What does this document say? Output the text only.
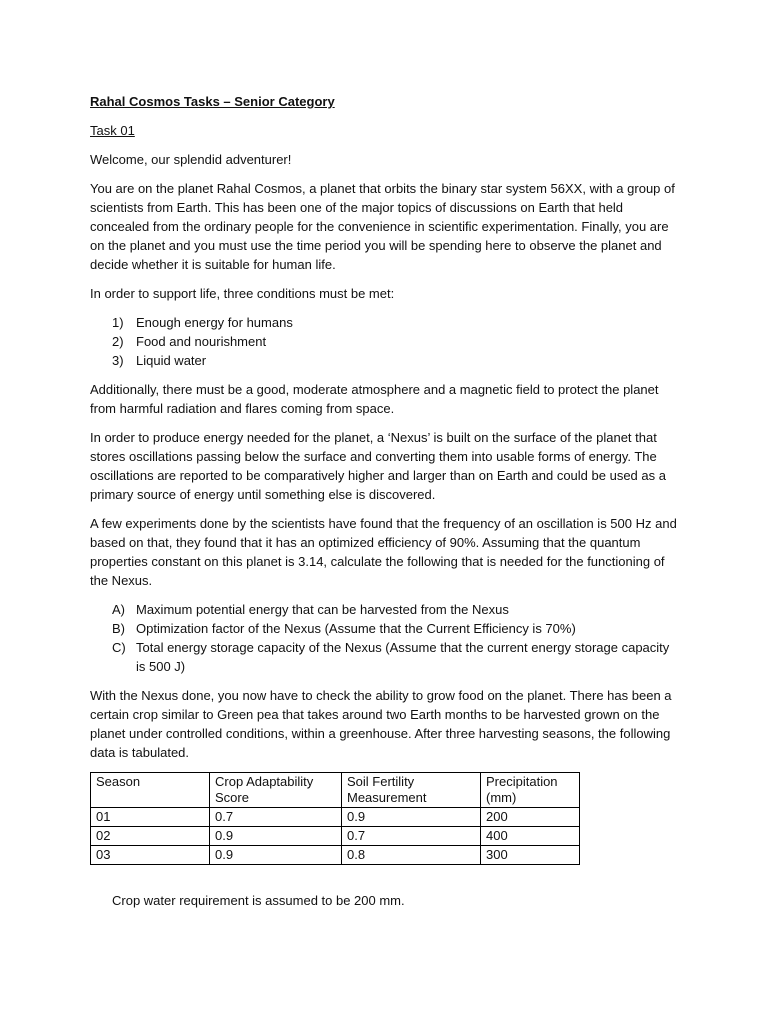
Rahal Cosmos Tasks – Senior Category
Task 01

Welcome, our splendid adventurer!

You are on the planet Rahal Cosmos, a planet that orbits the binary star system 56XX, with a group of scientists from Earth. This has been one of the major topics of discussions on Earth that held concealed from the ordinary people for the convenience in scientific experimentation. Finally, you are on the planet and you must use the time period you will be spending here to observe the planet and decide whether it is suitable for human life.

In order to support life, three conditions must be met:

1) Enough energy for humans
2) Food and nourishment
3) Liquid water

Additionally, there must be a good, moderate atmosphere and a magnetic field to protect the planet from harmful radiation and flares coming from space.

In order to produce energy needed for the planet, a ‘Nexus’ is built on the surface of the planet that stores oscillations passing below the surface and converting them into usable forms of energy. The oscillations are reported to be comparatively higher and larger than on Earth and could be used as a primary source of energy until something else is discovered.

A few experiments done by the scientists have found that the frequency of an oscillation is 500 Hz and based on that, they found that it has an optimized efficiency of 90%. Assuming that the quantum properties constant on this planet is 3.14, calculate the following that is needed for the functioning of the Nexus.

A) Maximum potential energy that can be harvested from the Nexus
B) Optimization factor of the Nexus (Assume that the Current Efficiency is 70%)
C) Total energy storage capacity of the Nexus (Assume that the current energy storage capacity is 500 J)

With the Nexus done, you now have to check the ability to grow food on the planet. There has been a certain crop similar to Green pea that takes around two Earth months to be harvested grown on the planet under controlled conditions, within a greenhouse. After three harvesting seasons, the following data is tabulated.

Season	Crop Adaptability Score	Soil Fertility Measurement	Precipitation (mm)
01	0.7	0.9	200
02	0.9	0.7	400
03	0.9	0.8	300
Crop water requirement is assumed to be 200 mm.
